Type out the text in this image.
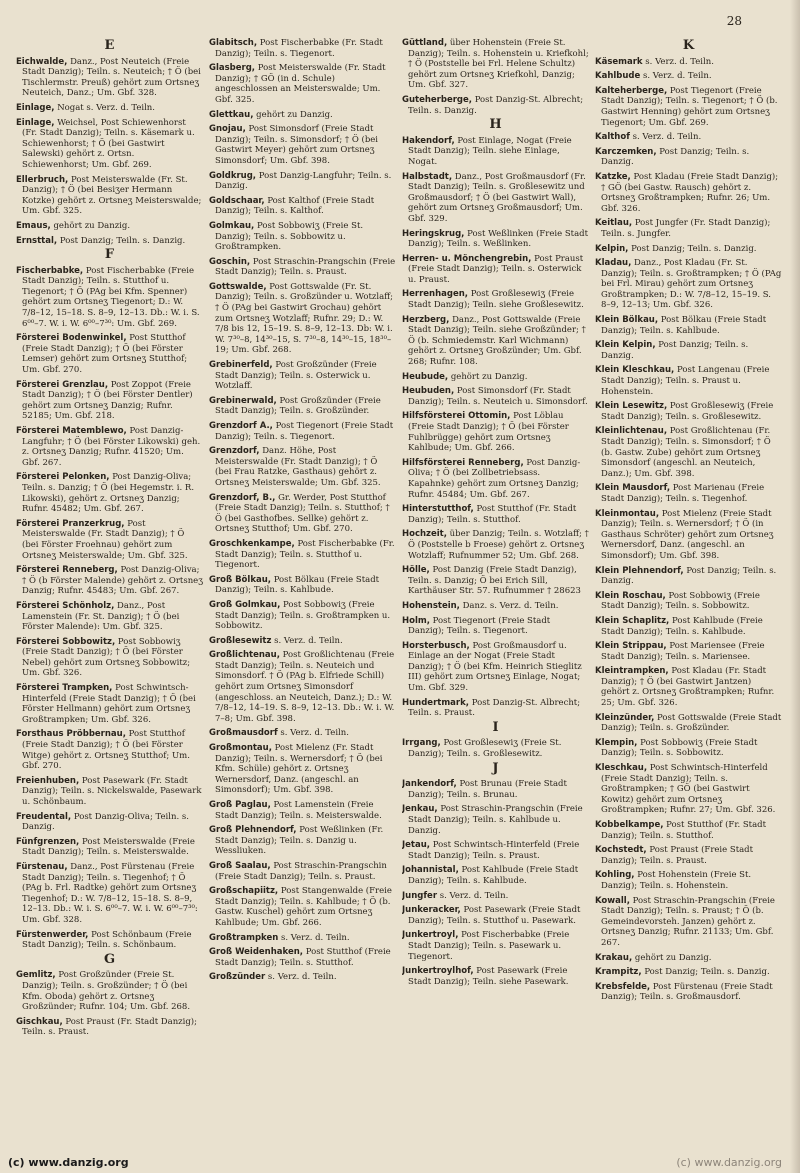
28
E
Eichwalde, Danz., Post Neuteich (Freie Stadt Danzig); Teiln. s. Neuteich; † Ö (bei Tischlermstr. Preuß) gehört zum Ortsneʒ Neuteich, Danz.; Um. Gbf. 328.
Einlage, Nogat s. Verz. d. Teiln.
Einlage, Weichsel, Post Schiewenhorst (Fr. Stadt Danzig); Teiln. s. Käsemark u. Schiewenhorst; † Ö (bei Gastwirt Salewski) gehört z. Ortsn. Schiewenhorst; Um. Gbf. 269.
Ellerbruch, Post Meisterswalde (Fr. St. Danzig); † Ö (bei Besiʒer Hermann Kotzke) gehört z. Ortsneʒ Meisterswalde; Um. Gbf. 325.
Emaus, gehört zu Danzig.
Ernsttal, Post Danzig; Teiln. s. Danzig.
F
Fischerbabke, Post Fischerbabke (Freie Stadt Danzig); Teiln. s. Stutthof u. Tiegenort; † Ö (PAg bei Kfm. Spenner) gehört zum Ortsneʒ Tiegenort; D.: W. 7/8–12, 15–18. S. 8–9, 12–13. Db.: W. i. S. 6⁰⁰–7. W. i. W. 6⁰⁰–7³⁰: Um. Gbf. 269.
Försterei Bodenwinkel, Post Stutthof (Freie Stadt Danzig); † Ö (bei Förster Lemser) gehört zum Ortsneʒ Stutthof; Um. Gbf. 270.
Försterei Grenzlau, Post Zoppot (Freie Stadt Danzig); † Ö (bei Förster Dentler) gehört zum Ortsneʒ Danzig; Rufnr. 52185; Um. Gbf. 218.
Försterei Matemblewo, Post Danzig-Langfuhr; † Ö (bei Förster Likowski) geh. z. Ortsneʒ Danzig; Rufnr. 41520; Um. Gbf. 267.
Försterei Pelonken, Post Danzig-Oliva; Teiln. s. Danzig; † Ö (bei Hegemstr. i. R. Likowski), gehört z. Ortsneʒ Danzig; Rufnr. 45482; Um. Gbf. 267.
Försterei Pranzerkrug, Post Meisterswalde (Fr. Stadt Danzig); † Ö (bei Förster Froehnau) gehört zum Ortsneʒ Meisterswalde; Um. Gbf. 325.
Försterei Renneberg, Post Danzig-Oliva; † Ö (b Förster Malende) gehört z. Ortsneʒ Danzig; Rufnr. 45483; Um. Gbf. 267.
Försterei Schönholz, Danz., Post Lamenstein (Fr. St. Danzig); † Ö (bei Förster Malende): Um. Gbf. 325.
Försterei Sobbowitz, Post Sobbowiʒ (Freie Stadt Danzig); † Ö (bei Förster Nebel) gehört zum Ortsneʒ Sobbowitz; Um. Gbf. 326.
Försterei Trampken, Post Schwintsch-Hinterfeld (Freie Stadt Danzig); † Ö (bei Förster Hellmann) gehört zum Ortsneʒ Großtrampken; Um. Gbf. 326.
Forsthaus Pröbbernau, Post Stutthof (Freie Stadt Danzig); † Ö (bei Förster Witge) gehört z. Ortsneʒ Stutthof; Um. Gbf. 270.
Freienhuben, Post Pasewark (Fr. Stadt Danzig); Teiln. s. Nickelswalde, Pasewark u. Schönbaum.
Freudental, Post Danzig-Oliva; Teiln. s. Danzig.
Fünfgrenzen, Post Meisterswalde (Freie Stadt Danzig); Teiln. s. Meisterswalde.
Fürstenau, Danz., Post Fürstenau (Freie Stadt Danzig); Teiln. s. Tiegenhof; † Ö (PAg b. Frl. Radtke) gehört zum Ortsneʒ Tiegenhof; D.: W. 7/8–12, 15–18. S. 8–9, 12–13. Db.: W. i. S. 6⁰⁰–7. W. i. W. 6⁰⁰–7³⁰: Um. Gbf. 328.
Fürstenwerder, Post Schönbaum (Freie Stadt Danzig); Teiln. s. Schönbaum.
G
Gemlitz, Post Großzünder (Freie St. Danzig); Teiln. s. Großzünder; † Ö (bei Kfm. Oboda) gehört z. Ortsneʒ Großzünder; Rufnr. 104; Um. Gbf. 268.
Gischkau, Post Praust (Fr. Stadt Danzig); Teiln. s. Praust.
Glabitsch, Post Fischerbabke (Fr. Stadt Danzig); Teiln. s. Tiegenort.
Glasberg, Post Meisterswalde (Fr. Stadt Danzig); † GÖ (in d. Schule) angeschlossen an Meisterswalde; Um. Gbf. 325.
Glettkau, gehört zu Danzig.
Gnojau, Post Simonsdorf (Freie Stadt Danzig); Teiln. s. Simonsdorf; † Ö (bei Gastwirt Meyer) gehört zum Ortsneʒ Simonsdorf; Um. Gbf. 398.
Goldkrug, Post Danzig-Langfuhr; Teiln. s. Danzig.
Goldschaar, Post Kalthof (Freie Stadt Danzig); Teiln. s. Kalthof.
Golmkau, Post Sobbowiʒ (Freie St. Danzig); Teiln. s. Sobbowitz u. Großtrampken.
Goschin, Post Straschin-Prangschin (Freie Stadt Danzig); Teiln. s. Praust.
Gottswalde, Post Gottswalde (Fr. St. Danzig); Teiln. s. Großzünder u. Wotzlaff; † Ö (PAg bei Gastwirt Grochau) gehört zum Ortsneʒ Wotzlaff; Rufnr. 29; D.: W. 7/8 bis 12, 15–19. S. 8–9, 12–13. Db: W. i. W. 7³⁰–8, 14³⁰–15, S. 7³⁰–8, 14³⁰–15, 18³⁰–19; Um. Gbf. 268.
Grebinerfeld, Post Großzünder (Freie Stadt Danzig); Teiln. s. Osterwick u. Wotzlaff.
Grebinerwald, Post Großzünder (Freie Stadt Danzig); Teiln. s. Großzünder.
Grenzdorf A., Post Tiegenort (Freie Stadt Danzig); Teiln. s. Tiegenort.
Grenzdorf, Danz. Höhe, Post Meisterswalde (Fr. Stadt Danzig); † Ö (bei Frau Ratzke, Gasthaus) gehört z. Ortsneʒ Meisterswalde; Um. Gbf. 325.
Grenzdorf, B., Gr. Werder, Post Stutthof (Freie Stadt Danzig); Teiln. s. Stutthof; † Ö (bei Gasthofbes. Sellke) gehört z. Ortsneʒ Stutthof; Um. Gbf. 270.
Groschkenkampe, Post Fischerbabke (Fr. Stadt Danzig); Teiln. s. Stutthof u. Tiegenort.
Groß Bölkau, Post Bölkau (Freie Stadt Danzig); Teiln. s. Kahlbude.
Groß Golmkau, Post Sobbowiʒ (Freie Stadt Danzig); Teiln. s. Großtrampken u. Sobbowitz.
Großlesewitz s. Verz. d. Teiln.
Großlichtenau, Post Großlichtenau (Freie Stadt Danzig); Teiln. s. Neuteich und Simonsdorf. † Ö (PAg b. Elfriede Schill) gehört zum Ortsneʒ Simonsdorf (angeschloss. an Neuteich, Danz.); D.: W. 7/8–12, 14–19. S. 8–9, 12–13. Db.: W. i. W. 7–8; Um. Gbf. 398.
Großmausdorf s. Verz. d. Teiln.
Großmontau, Post Mielenz (Fr. Stadt Danzig); Teiln. s. Wernersdorf; † Ö (bei Kfm. Schüle) gehört z. Ortsneʒ Wernersdorf, Danz. (angeschl. an Simonsdorf); Um. Gbf. 398.
Groß Paglau, Post Lamenstein (Freie Stadt Danzig); Teiln. s. Meisterswalde.
Groß Plehnendorf, Post Weßlinken (Fr. Stadt Danzig); Teiln. s. Danzig u. Wessliuken.
Groß Saalau, Post Straschin-Prangschin (Freie Stadt Danzig); Teiln. s. Praust.
Großschapiitz, Post Stangenwalde (Freie Stadt Danzig); Teiln. s. Kahlbude; † Ö (b. Gastw. Kuschel) gehört zum Ortsneʒ Kahlbude; Um. Gbf. 266.
Großtrampken s. Verz. d. Teiln.
Groß Weidenhaken, Post Stutthof (Freie Stadt Danzig); Teiln. s. Stutthof.
Großzünder s. Verz. d. Teiln.
Güttland, über Hohenstein (Freie St. Danzig); Teiln. s. Hohenstein u. Kriefkohl; † Ö (Poststelle bei Frl. Helene Schultz) gehört zum Ortsneʒ Kriefkohl, Danzig; Um. Gbf. 327.
Guteherberge, Post Danzig-St. Albrecht; Teiln. s. Danzig.
H
Hakendorf, Post Einlage, Nogat (Freie Stadt Danzig); Teiln. siehe Einlage, Nogat.
Halbstadt, Danz., Post Großmausdorf (Fr. Stadt Danzig); Teiln. s. Großlesewitz und Großmausdorf; † Ö (bei Gastwirt Wall), gehört zum Ortsneʒ Großmausdorf; Um. Gbf. 329.
Heringskrug, Post Weßlinken (Freie Stadt Danzig); Teiln. s. Weßlinken.
Herren- u. Mönchengrebin, Post Praust (Freie Stadt Danzig); Teiln. s. Osterwick u. Praust.
Herrenhagen, Post Großlesewiʒ (Freie Stadt Danzig); Teiln. siehe Großlesewitz.
Herzberg, Danz., Post Gottswalde (Freie Stadt Danzig); Teiln. siehe Großzünder; † Ö (b. Schmiedemstr. Karl Wichmann) gehört z. Ortsneʒ Großzünder; Um. Gbf. 268; Rufnr. 108.
Heubude, gehört zu Danzig.
Heubuden, Post Simonsdorf (Fr. Stadt Danzig); Teiln. s. Neuteich u. Simonsdorf.
Hilfsförsterei Ottomin, Post Löblau (Freie Stadt Danzig); † Ö (bei Förster Fuhlbrügge) gehört zum Ortsneʒ Kahlbude; Um. Gbf. 266.
Hilfsförsterei Renneberg, Post Danzig-Oliva; † Ö (bei Zollbetriebsass. Kapahnke) gehört zum Ortsneʒ Danzig; Rufnr. 45484; Um. Gbf. 267.
Hinterstutthof, Post Stutthof (Fr. Stadt Danzig); Teiln. s. Stutthof.
Hochzeit, über Danzig; Teiln. s. Wotzlaff; † Ö (Poststelle b Froese) gehört z. Ortsneʒ Wotzlaff; Rufnummer 52; Um. Gbf. 268.
Hölle, Post Danzig (Freie Stadt Danzig), Teiln. s. Danzig; Ö bei Erich Sill, Karthäuser Str. 57. Rufnummer † 28623
Hohenstein, Danz. s. Verz. d. Teiln.
Holm, Post Tiegenort (Freie Stadt Danzig); Teiln. s. Tiegenort.
Horsterbusch, Post Großmausdorf u. Einlage an der Nogat (Freie Stadt Danzig); † Ö (bei Kfm. Heinrich Stieglitz III) gehört zum Ortsneʒ Einlage, Nogat; Um. Gbf. 329.
Hundertmark, Post Danzig-St. Albrecht; Teiln. s. Praust.
I
Irrgang, Post Großlesewiʒ (Freie St. Danzig); Teiln. s. Großlesewitz.
J
Jankendorf, Post Brunau (Freie Stadt Danzig); Teiln. s. Brunau.
Jenkau, Post Straschin-Prangschin (Freie Stadt Danzig); Teiln. s. Kahlbude u. Danzig.
Jetau, Post Schwintsch-Hinterfeld (Freie Stadt Danzig); Teiln. s. Praust.
Johannistal, Post Kahlbude (Freie Stadt Danzig); Teiln. s. Kahlbude.
Jungfer s. Verz. d. Teiln.
Junkeracker, Post Pasewark (Freie Stadt Danzig); Teiln. s. Stutthof u. Pasewark.
Junkertroyl, Post Fischerbabke (Freie Stadt Danzig); Teiln. s. Pasewark u. Tiegenort.
Junkertroylhof, Post Pasewark (Freie Stadt Danzig); Teiln. siehe Pasewark.
K
Käsemark s. Verz. d. Teiln.
Kahlbude s. Verz. d. Teiln.
Kalteherberge, Post Tiegenort (Freie Stadt Danzig); Teiln. s. Tiegenort; † Ö (b. Gastwirt Henning) gehört zum Ortsneʒ Tiegenort; Um. Gbf. 269.
Kalthof s. Verz. d. Teiln.
Karczemken, Post Danzig; Teiln. s. Danzig.
Katzke, Post Kladau (Freie Stadt Danzig); † GÖ (bei Gastw. Rausch) gehört z. Ortsneʒ Großtrampken; Rufnr. 26; Um. Gbf. 326.
Keitlau, Post Jungfer (Fr. Stadt Danzig); Teiln. s. Jungfer.
Kelpin, Post Danzig; Teiln. s. Danzig.
Kladau, Danz., Post Kladau (Fr. St. Danzig); Teiln. s. Großtrampken; † Ö (PAg bei Frl. Mirau) gehört zum Ortsneʒ Großtrampken; D.: W. 7/8–12, 15–19. S. 8–9, 12–13; Um. Gbf. 326.
Klein Bölkau, Post Bölkau (Freie Stadt Danzig); Teiln. s. Kahlbude.
Klein Kelpin, Post Danzig; Teiln. s. Danzig.
Klein Kleschkau, Post Langenau (Freie Stadt Danzig); Teiln. s. Praust u. Hohenstein.
Klein Lesewitz, Post Großlesewiʒ (Freie Stadt Danzig); Teiln. s. Großlesewitz.
Kleinlichtenau, Post Großlichtenau (Fr. Stadt Danzig); Teiln. s. Simonsdorf; † Ö (b. Gastw. Zube) gehört zum Ortsneʒ Simonsdorf (angeschl. an Neuteich, Danz.); Um. Gbf. 398.
Klein Mausdorf, Post Marienau (Freie Stadt Danzig); Teiln. s. Tiegenhof.
Kleinmontau, Post Mielenz (Freie Stadt Danzig); Teiln. s. Wernersdorf; † Ö (in Gasthaus Schröter) gehört zum Ortsneʒ Wernersdorf, Danz. (angeschl. an Simonsdorf); Um. Gbf. 398.
Klein Plehnendorf, Post Danzig; Teiln. s. Danzig.
Klein Roschau, Post Sobbowiʒ (Freie Stadt Danzig); Teiln. s. Sobbowitz.
Klein Schaplitz, Post Kahlbude (Freie Stadt Danzig); Teiln. s. Kahlbude.
Klein Strippau, Post Mariensee (Freie Stadt Danzig); Teiln. s. Mariensee.
Kleintrampken, Post Kladau (Fr. Stadt Danzig); † Ö (bei Gastwirt Jantzen) gehört z. Ortsneʒ Großtrampken; Rufnr. 25; Um. Gbf. 326.
Kleinzünder, Post Gottswalde (Freie Stadt Danzig); Teiln. s. Großzünder.
Klempin, Post Sobbowiʒ (Freie Stadt Danzig); Teiln. s. Sobbowitz.
Kleschkau, Post Schwintsch-Hinterfeld (Freie Stadt Danzig); Teiln. s. Großtrampken; † GÖ (bei Gastwirt Kowitz) gehört zum Ortsneʒ Großtrampken; Rufnr. 27; Um. Gbf. 326.
Kobbelkampe, Post Stutthof (Fr. Stadt Danzig); Teiln. s. Stutthof.
Kochstedt, Post Praust (Freie Stadt Danzig); Teiln. s. Praust.
Kohling, Post Hohenstein (Freie St. Danzig); Teiln. s. Hohenstein.
Kowall, Post Straschin-Prangschin (Freie Stadt Danzig); Teiln. s. Praust; † Ö (b. Gemeindevorsteh. Janzen) gehört z. Ortsneʒ Danzig; Rufnr. 21133; Um. Gbf. 267.
Krakau, gehört zu Danzig.
Krampitz, Post Danzig; Teiln. s. Danzig.
Krebsfelde, Post Fürstenau (Freie Stadt Danzig); Teiln. s. Großmausdorf.
(c) www.danzig.org	(c) www.danzig.org
